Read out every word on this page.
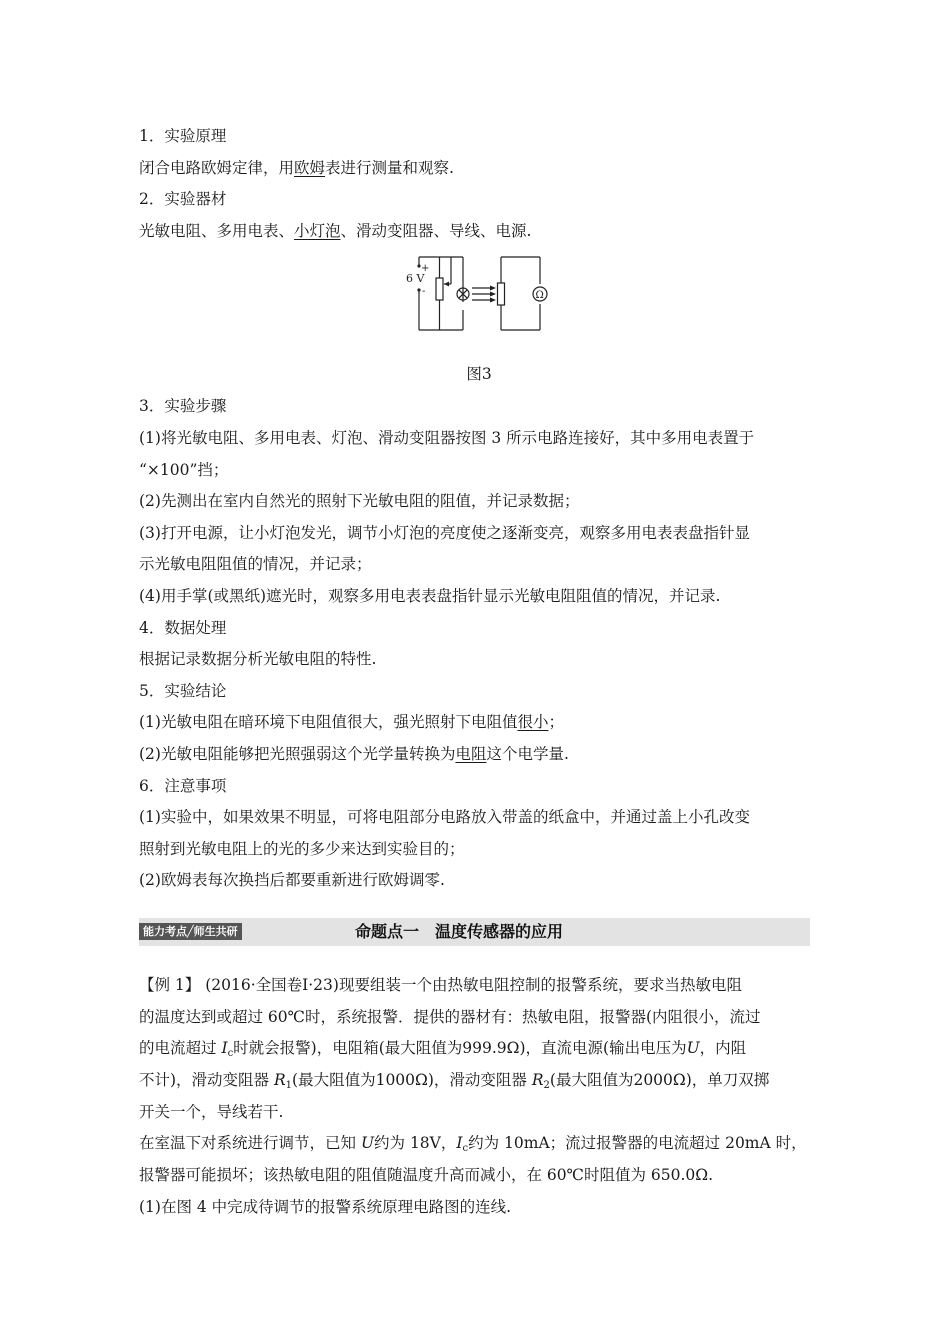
1．实验原理
闭合电路欧姆定律，用欧姆表进行测量和观察.
2．实验器材
光敏电阻、多用电表、小灯泡、滑动变阻器、导线、电源.
+
6 V
-	Ω
图3
3．实验步骤
(1)将光敏电阻、多用电表、灯泡、滑动变阻器按图 3 所示电路连接好，其中多用电表置于
“×100”挡；
(2)先测出在室内自然光的照射下光敏电阻的阻值，并记录数据；
(3)打开电源，让小灯泡发光，调节小灯泡的亮度使之逐渐变亮，观察多用电表表盘指针显
示光敏电阻阻值的情况，并记录；
(4)用手掌(或黑纸)遮光时，观察多用电表表盘指针显示光敏电阻阻值的情况，并记录.
4．数据处理
根据记录数据分析光敏电阻的特性.
5．实验结论
(1)光敏电阻在暗环境下电阻值很大，强光照射下电阻值很小；
(2)光敏电阻能够把光照强弱这个光学量转换为电阻这个电学量.
6．注意事项
(1)实验中，如果效果不明显，可将电阻部分电路放入带盖的纸盒中，并通过盖上小孔改变
照射到光敏电阻上的光的多少来达到实验目的；
(2)欧姆表每次换挡后都要重新进行欧姆调零.
能力考点╱师生共研	命题点一　温度传感器的应用
【例 1】 (2016·全国卷Ⅰ·23)现要组装一个由热敏电阻控制的报警系统，要求当热敏电阻
的温度达到或超过 60℃时，系统报警．提供的器材有：热敏电阻，报警器(内阻很小，流过
的电流超过 $I_c$时就会报警)，电阻箱(最大阻值为999.9Ω)，直流电源(输出电压为U，内阻
不计)，滑动变阻器 $R_1$(最大阻值为1000Ω)，滑动变阻器 $R_2$(最大阻值为2000Ω)，单刀双掷
开关一个，导线若干.
在室温下对系统进行调节，已知 U约为 18V，$I_c$约为 10mA；流过报警器的电流超过 20mA 时，
报警器可能损坏；该热敏电阻的阻值随温度升高而减小，在 60℃时阻值为 650.0Ω.
(1)在图 4 中完成待调节的报警系统原理电路图的连线.
